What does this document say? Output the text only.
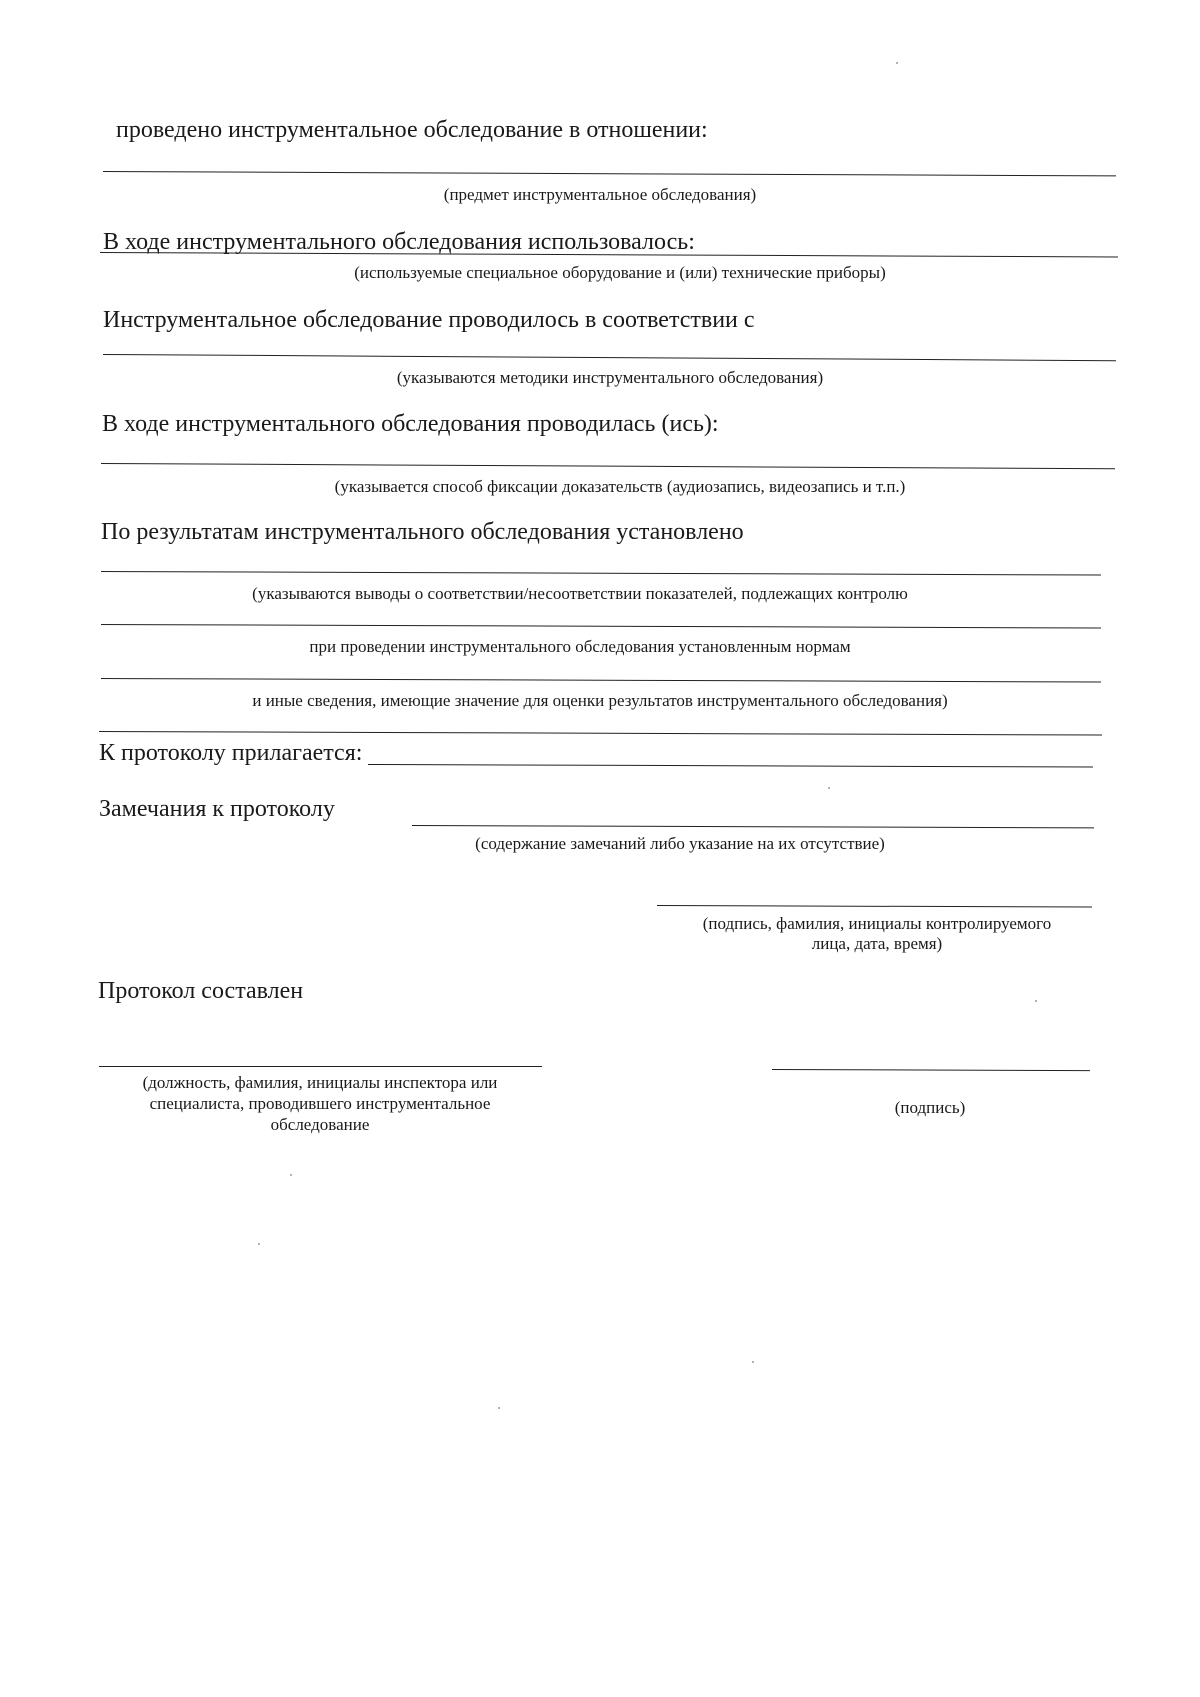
проведено инструментальное обследование в отношении:
(предмет инструментальное обследования)
В ходе инструментального обследования использовалось:
(используемые специальное оборудование и (или) технические приборы)
Инструментальное обследование проводилось в соответствии с
(указываются методики инструментального обследования)
В ходе инструментального обследования проводилась (ись):
(указывается способ фиксации доказательств (аудиозапись, видеозапись и т.п.)
По результатам инструментального обследования установлено
(указываются выводы о соответствии/несоответствии показателей, подлежащих контролю
при проведении инструментального обследования установленным нормам
и иные сведения, имеющие значение для оценки результатов инструментального обследования)
К протоколу прилагается:
Замечания к протоколу
(содержание замечаний либо указание на их отсутствие)
(подпись, фамилия, инициалы контролируемого
лица, дата, время)
Протокол составлен
(должность, фамилия, инициалы инспектора или
специалиста, проводившего инструментальное
обследование
(подпись)
